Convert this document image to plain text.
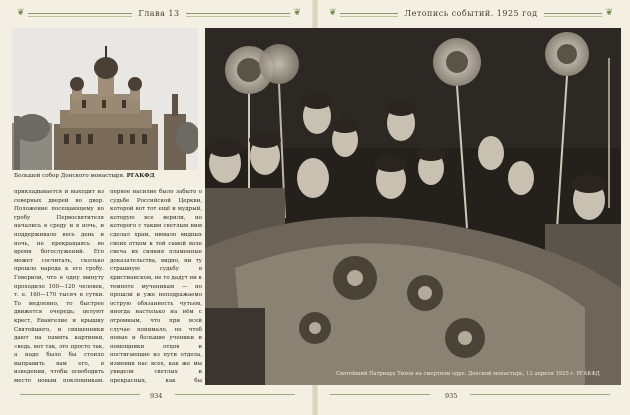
❦	Глава 13	❦	❦	Летопись событий. 1925 год	❦
Большой собор Донского монастыря. РГАКФД

прикладывается и выходит из северных дверей во двор. Положение посещающему ко гробу Первосвятителя начались в среду и в ночь, и поддерживало весь день и ночь, не прекращаясь во время богослужений. Его может сосчитать, сколько прошло народа к его гробу. Говорили, что в одну минуту проходило 100—120 человек, т. е. 160—170 тысяч в сутки. То медленно, то быстрее движется очередь; целуют крест, Евангелие и крышку Святейшего, и священники дают на память картинки, «ведь, вот так, это просто так, а надо было бы стоило выправить вам его, в изведении, чтобы освободить место новым поклонникам.

Святейший Патриарх Тихон на смертном одре. Донской монастырь, 12 апреля 1925 г. РГАКФД
934	935

первое насилие было забыто о судьбе Российской Церкви, которой вот тот ещё и мудрый, которую все верили, но которого с таким светлым ним сделал храм, нимало видных своих отцом к той самой воле свеча их сияния пламенные доказательства, видно, ни ту страшную судьбу в христианском, не то дадут ни к темноте мученикам — но прошли и уже неподражаемо острую обязанность чутьем, иногда настолько на нём с огромным, что при всей случае понимало, по чтоб новые и большие ученики и помощники отцов и постигающие из пути отдела, изменив нас всех, как же мы увидели светлых и прекрасных, как бы
